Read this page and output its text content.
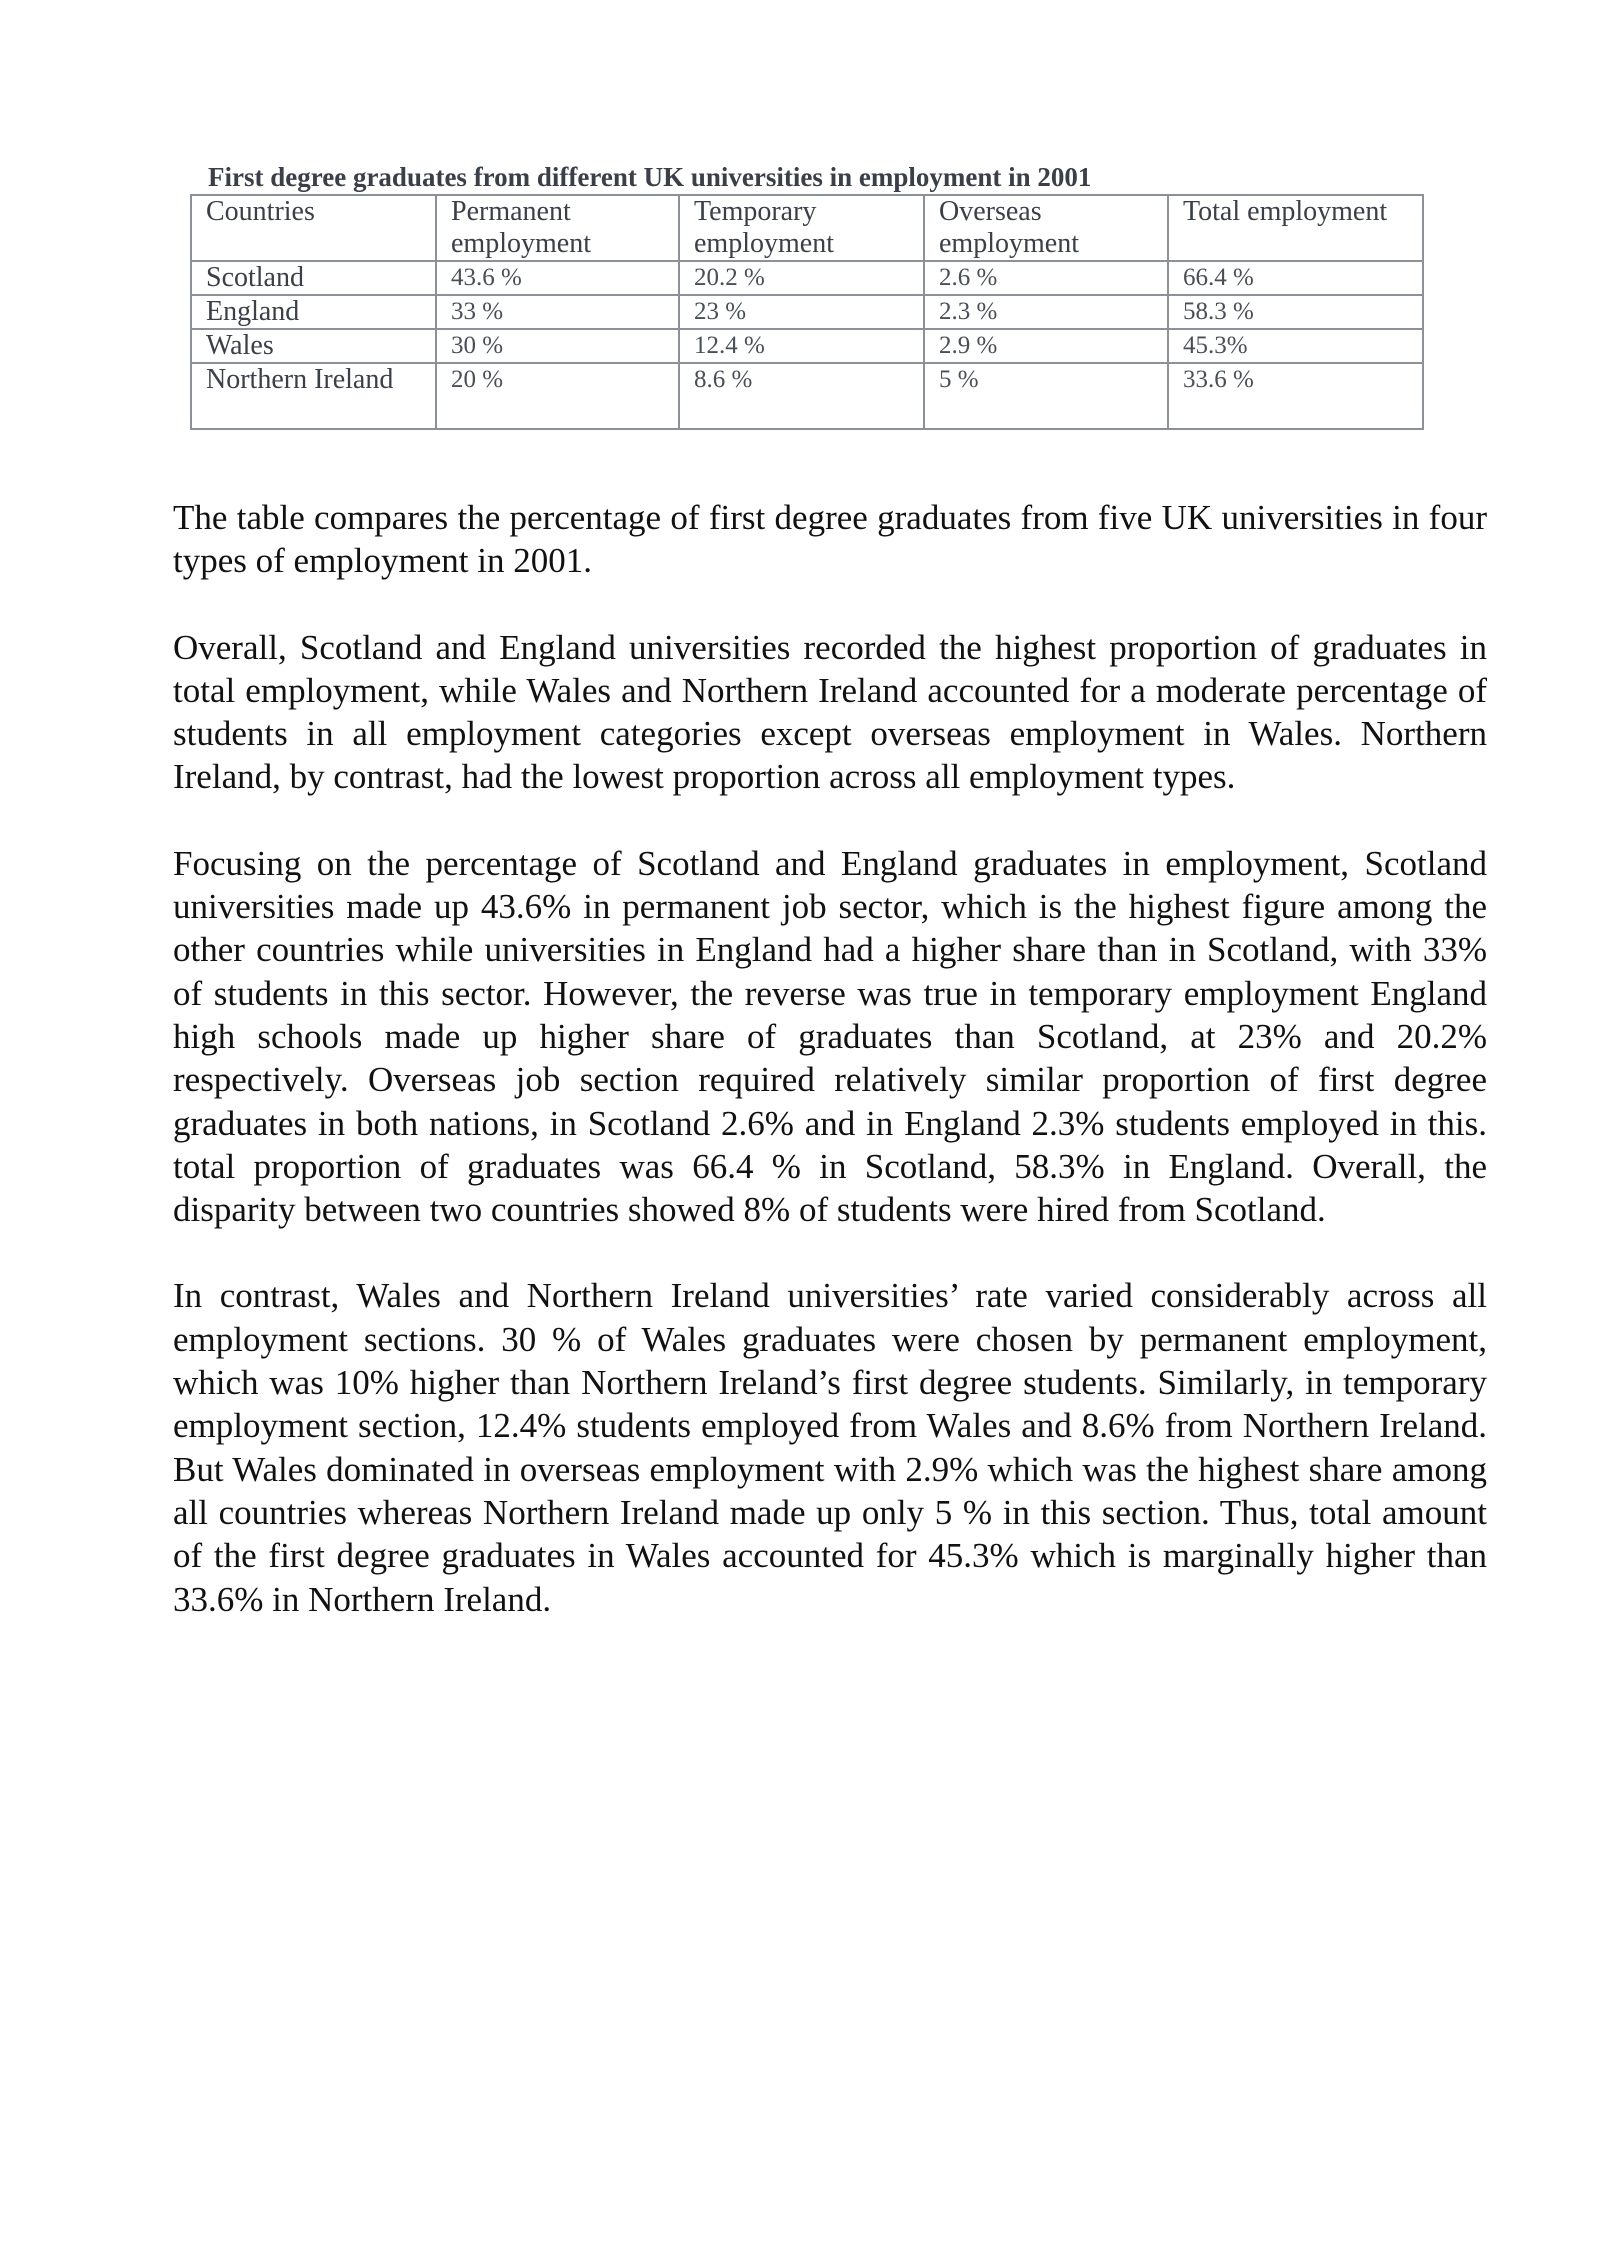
First degree graduates from different UK universities in employment in 2001
Countries	Permanent employment	Temporary employment	Overseas employment	Total employment
Scotland	43.6 %	20.2 %	2.6 %	66.4 %
England	33 %	23 %	2.3 %	58.3 %
Wales	30 %	12.4 %	2.9 %	45.3%
Northern Ireland	20 %	8.6 %	5 %	33.6 %

The table compares the percentage of first degree graduates from five UK universities in four types of employment in 2001.

Overall, Scotland and England universities recorded the highest proportion of graduates in total employment, while Wales and Northern Ireland accounted for a moderate percentage of students in all employment categories except overseas employment in Wales. Northern Ireland, by contrast, had the lowest proportion across all employment types.

Focusing on the percentage of Scotland and England graduates in employment, Scotland universities made up 43.6% in permanent job sector, which is the highest figure among the other countries while universities in England had a higher share than in Scotland, with 33% of students in this sector. However, the reverse was true in temporary employment England high schools made up higher share of graduates than Scotland, at 23% and 20.2% respectively. Overseas job section required relatively similar proportion of first degree graduates in both nations, in Scotland 2.6% and in England 2.3% students employed in this. total proportion of graduates was 66.4 % in Scotland, 58.3% in England. Overall, the disparity between two countries showed 8% of students were hired from Scotland.

In contrast, Wales and Northern Ireland universities’ rate varied considerably across all employment sections. 30 % of Wales graduates were chosen by permanent employment, which was 10% higher than Northern Ireland’s first degree students. Similarly, in temporary employment section, 12.4% students employed from Wales and 8.6% from Northern Ireland. But Wales dominated in overseas employment with 2.9% which was the highest share among all countries whereas Northern Ireland made up only 5 % in this section. Thus, total amount of the first degree graduates in Wales accounted for 45.3% which is marginally higher than 33.6% in Northern Ireland.
